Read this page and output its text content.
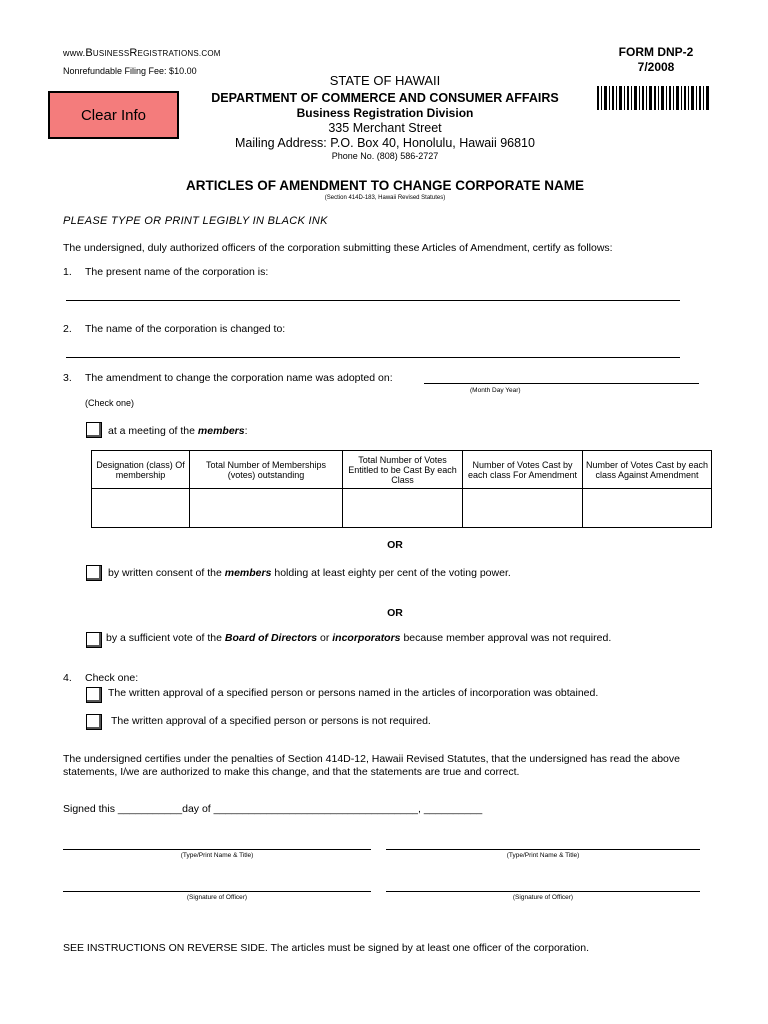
www.BUSINESSREGISTRATIONS.COM
Nonrefundable Filing Fee: $10.00
FORM DNP-2
7/2008
Clear Info
STATE OF HAWAII
DEPARTMENT OF COMMERCE AND CONSUMER AFFAIRS
Business Registration Division
335 Merchant Street
Mailing Address: P.O. Box 40, Honolulu, Hawaii 96810
Phone No. (808) 586-2727
ARTICLES OF AMENDMENT TO CHANGE CORPORATE NAME
(Section 414D-183, Hawaii Revised Statutes)
PLEASE TYPE OR PRINT LEGIBLY IN BLACK INK
The undersigned, duly authorized officers of the corporation submitting these Articles of Amendment, certify as follows:
1. The present name of the corporation is:
2. The name of the corporation is changed to:
3. The amendment to change the corporation name was adopted on:
(Month Day Year)
(Check one)
at a meeting of the members:
Designation (class) Of membership	Total Number of Memberships (votes) outstanding	Total Number of Votes Entitled to be Cast By each Class	Number of Votes Cast by each class For Amendment	Number of Votes Cast by each class Against Amendment

OR
by written consent of the members holding at least eighty per cent of the voting power.
OR
by a sufficient vote of the Board of Directors or incorporators because member approval was not required.
4. Check one:
The written approval of a specified person or persons named in the articles of incorporation was obtained.
The written approval of a specified person or persons is not required.
The undersigned certifies under the penalties of Section 414D-12, Hawaii Revised Statutes, that the undersigned has read the above statements, I/we are authorized to make this change, and that the statements are true and correct.
Signed this ___________day of ___________________________________, __________
(Type/Print Name & Title)	(Type/Print Name & Title)
(Signature of Officer)	(Signature of Officer)
SEE INSTRUCTIONS ON REVERSE SIDE. The articles must be signed by at least one officer of the corporation.
